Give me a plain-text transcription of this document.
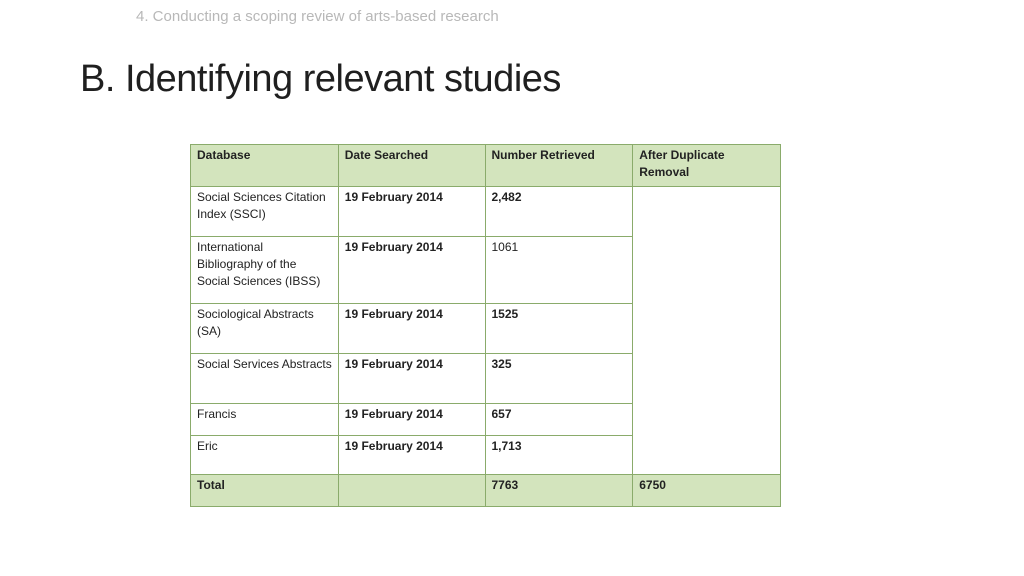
4. Conducting a scoping review of arts-based research
B. Identifying relevant studies
Database	Date Searched	Number Retrieved	After Duplicate Removal
Social Sciences Citation Index (SSCI)	19 February 2014	2,482	
International Bibliography of the Social Sciences (IBSS)	19 February 2014	1061	
Sociological Abstracts (SA)	19 February 2014	1525	
Social Services Abstracts	19 February 2014	325	
Francis	19 February 2014	657	
Eric	19 February 2014	1,713	
Total		7763	6750
